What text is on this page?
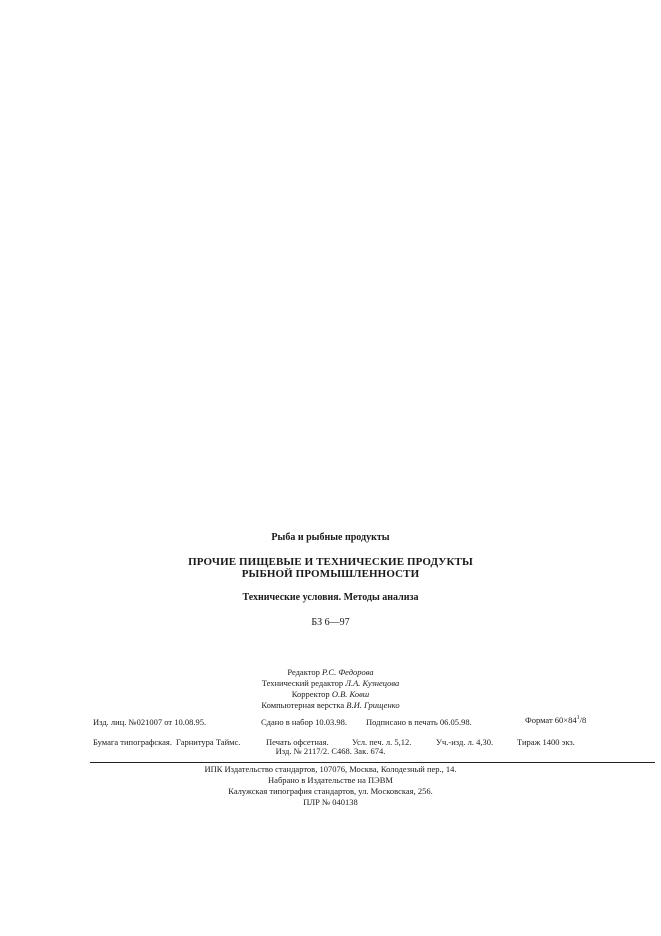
Рыба и рыбные продукты
ПРОЧИЕ ПИЩЕВЫЕ И ТЕХНИЧЕСКИЕ ПРОДУКТЫ
РЫБНОЙ ПРОМЫШЛЕННОСТИ
Технические условия. Методы анализа
БЗ 6—97
Редактор Р.С. Федорова
Технический редактор Л.А. Кузнецова
Корректор О.В. Ковш
Компьютерная верстка В.И. Грищенко
Изд. лиц. №021007 от 10.08.95.	Сдано в набор 10.03.98. Подписано в печать 06.05.98.	Формат $60\times 84^1/8$
Бумага типографская. Гарнитура Таймс.	Печать офсетная.	Усл. печ. л. 5,12.	Уч.-изд. л. 4,30.	Тираж 1400 экз.
Изд. № 2117/2. С468. Зак. 674.
ИПК Издательство стандартов, 107076, Москва, Колодезный пер., 14.
Набрано в Издательстве на ПЭВМ
Калужская типография стандартов, ул. Московская, 256.
ПЛР № 040138
